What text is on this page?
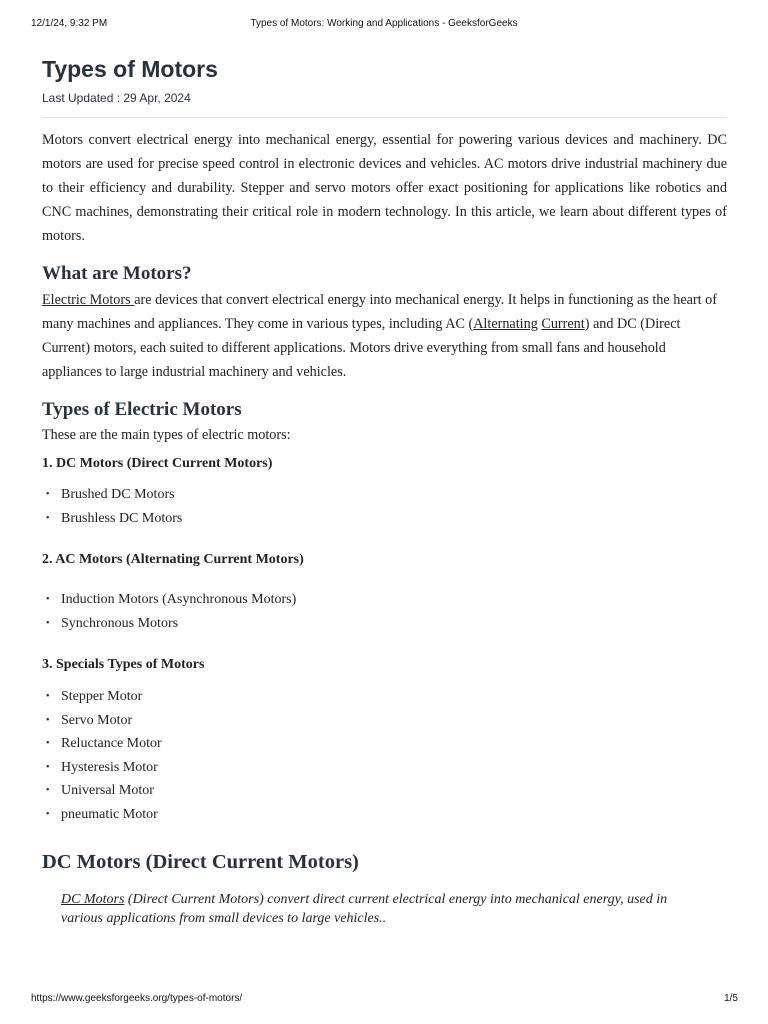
12/1/24, 9:32 PM	Types of Motors: Working and Applications - GeeksforGeeks
Types of Motors
Last Updated : 29 Apr, 2024

Motors convert electrical energy into mechanical energy, essential for powering various devices and machinery. DC motors are used for precise speed control in electronic devices and vehicles. AC motors drive industrial machinery due to their efficiency and durability. Stepper and servo motors offer exact positioning for applications like robotics and CNC machines, demonstrating their critical role in modern technology. In this article, we learn about different types of motors.

What are Motors?

Electric Motors are devices that convert electrical energy into mechanical energy. It helps in functioning as the heart of many machines and appliances. They come in various types, including AC (Alternating Current) and DC (Direct Current) motors, each suited to different applications. Motors drive everything from small fans and household appliances to large industrial machinery and vehicles.

Types of Electric Motors

These are the main types of electric motors:

1. DC Motors (Direct Current Motors)
• Brushed DC Motors
• Brushless DC Motors
2. AC Motors (Alternating Current Motors)
• Induction Motors (Asynchronous Motors)
• Synchronous Motors
3. Specials Types of Motors
• Stepper Motor
• Servo Motor
• Reluctance Motor
• Hysteresis Motor
• Universal Motor
• pneumatic Motor
DC Motors (Direct Current Motors)

DC Motors (Direct Current Motors) convert direct current electrical energy into mechanical energy, used in various applications from small devices to large vehicles..

https://www.geeksforgeeks.org/types-of-motors/	1/5
